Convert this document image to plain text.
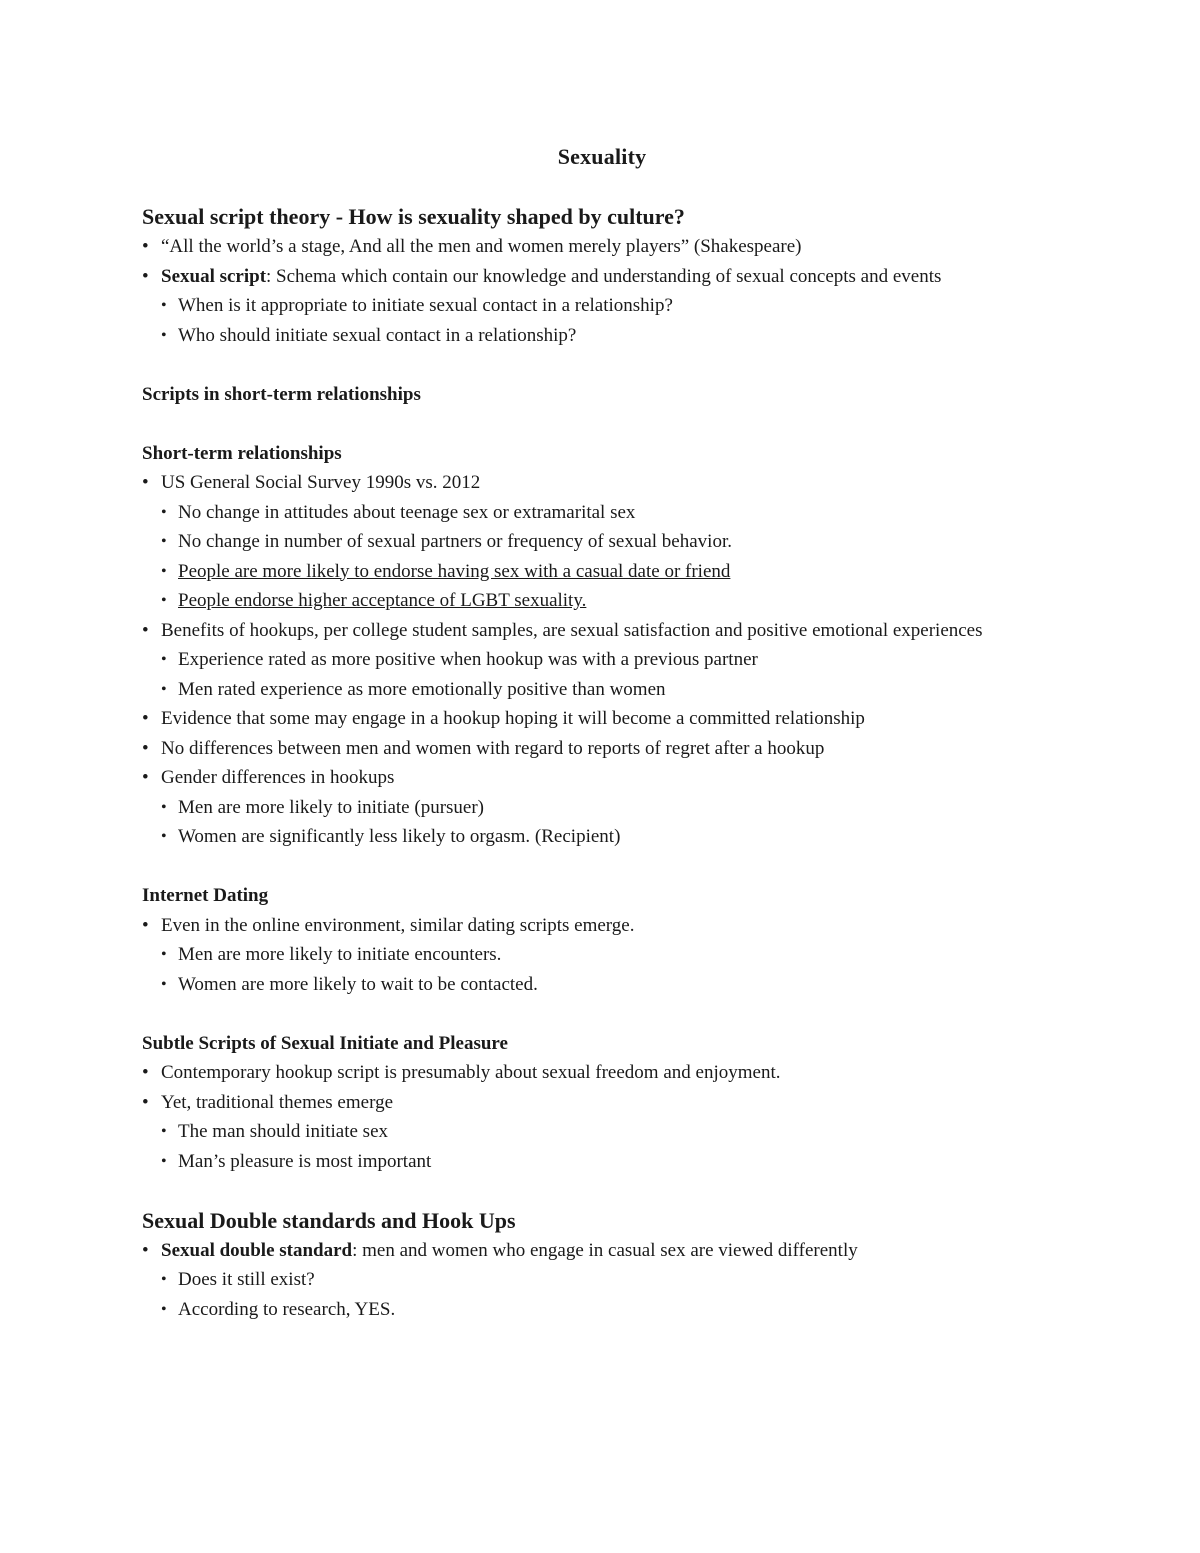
Sexuality
Sexual script theory - How is sexuality shaped by culture?
• “All the world’s a stage, And all the men and women merely players” (Shakespeare)
• Sexual script: Schema which contain our knowledge and understanding of sexual concepts and events
• When is it appropriate to initiate sexual contact in a relationship?
• Who should initiate sexual contact in a relationship?
Scripts in short-term relationships
Short-term relationships
• US General Social Survey 1990s vs. 2012
• No change in attitudes about teenage sex or extramarital sex
• No change in number of sexual partners or frequency of sexual behavior.
• People are more likely to endorse having sex with a casual date or friend
• People endorse higher acceptance of LGBT sexuality.
• Benefits of hookups, per college student samples, are sexual satisfaction and positive emotional experiences
• Experience rated as more positive when hookup was with a previous partner
• Men rated experience as more emotionally positive than women
• Evidence that some may engage in a hookup hoping it will become a committed relationship
• No differences between men and women with regard to reports of regret after a hookup
• Gender differences in hookups
• Men are more likely to initiate (pursuer)
• Women are significantly less likely to orgasm. (Recipient)
Internet Dating
• Even in the online environment, similar dating scripts emerge.
• Men are more likely to initiate encounters.
• Women are more likely to wait to be contacted.
Subtle Scripts of Sexual Initiate and Pleasure
• Contemporary hookup script is presumably about sexual freedom and enjoyment.
• Yet, traditional themes emerge
• The man should initiate sex
• Man’s pleasure is most important
Sexual Double standards and Hook Ups
• Sexual double standard: men and women who engage in casual sex are viewed differently
• Does it still exist?
• According to research, YES.
